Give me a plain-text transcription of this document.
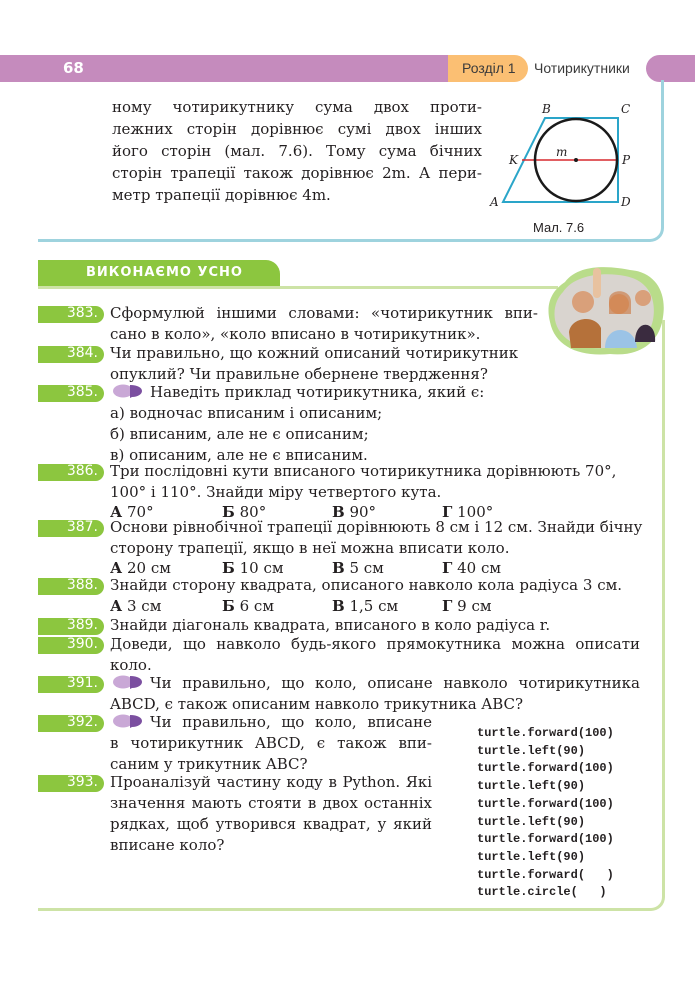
68	Розділ 1 Чотирикутники
ному чотирикутнику сума двох проти-
лежних сторін дорівнює сумі двох інших
його сторін (мал. 7.6). Тому сума бічних
сторін трапеції також дорівнює 2m. А пери-
метр трапеції дорівнює 4m.
B	C
K
m
P
A	D
Мал. 7.6
ВИКОНАЄМО УСНО
383. Сформулюй іншими словами: «чотирикутник впи-
сано в коло», «коло вписано в чотирикутник».
384. Чи правильно, що кожний описаний чотирикутник
опуклий? Чи правильне обернене твердження?
385.	Наведіть приклад чотирикутника, який є:
а) водночас вписаним і описаним;
б) вписаним, але не є описаним;
в) описаним, але не є вписаним.
386. Три послідовні кути вписаного чотирикутника дорівнюють 70°,
100° і 110°. Знайди міру четвертого кута.
А 70°	Б 80°	В 90°	Г 100°
387. Основи рівнобічної трапеції дорівнюють 8 см і 12 см. Знайди бічну
сторону трапеції, якщо в неї можна вписати коло.
А 20 см	Б 10 см	В 5 см	Г 40 см
388. Знайди сторону квадрата, описаного навколо кола радіуса 3 см.
А 3 см	Б 6 см	В 1,5 см	Г 9 см
389. Знайди діагональ квадрата, вписаного в коло радіуса r.
390. Доведи, що навколо будь-якого прямокутника можна описати
коло.
391.	Чи правильно, що коло, описане навколо чотирикутника
ABCD, є також описаним навколо трикутника ABC?
392.	Чи правильно, що коло, вписане
в чотирикутник ABCD, є також впи-
саним у трикутник ABC?
393. Проаналізуй частину коду в Python. Які
значення мають стояти в двох останніх
рядках, щоб утворився квадрат, у який
вписане коло?
turtle.forward(100)
turtle.left(90)
turtle.forward(100)
turtle.left(90)
turtle.forward(100)
turtle.left(90)
turtle.forward(100)
turtle.left(90)
turtle.forward(   )
turtle.circle(   )
